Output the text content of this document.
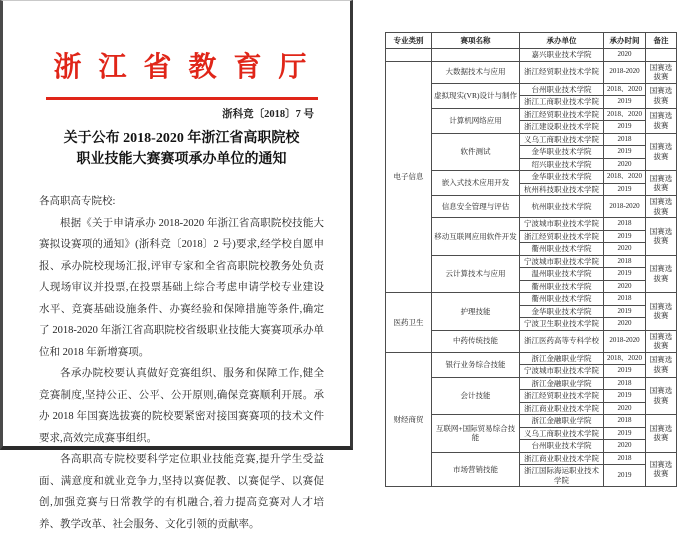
浙江省教育厅
浙科竞〔2018〕7 号
关于公布 2018-2020 年浙江省高职院校
职业技能大赛赛项承办单位的通知

各高职高专院校:

根据《关于申请承办 2018-2020 年浙江省高职院校技能大赛拟设赛项的通知》(浙科竞〔2018〕2 号)要求,经学校自愿申报、承办院校现场汇报,评审专家和全省高职院校教务处负责人现场审议并投票,在投票基础上综合考虑申请学校专业建设水平、竞赛基础设施条件、办赛经验和保障措施等条件,确定了 2018-2020 年浙江省高职院校省级职业技能大赛赛项承办单位和 2018 年新增赛项。

各承办院校要认真做好竞赛组织、服务和保障工作,健全竞赛制度,坚持公正、公平、公开原则,确保竞赛顺利开展。承办 2018 年国赛选拔赛的院校要紧密对接国赛赛项的技术文件要求,高效完成赛事组织。

各高职高专院校要科学定位职业技能竞赛,提升学生受益面、满意度和就业竞争力,坚持以赛促教、以赛促学、以赛促创,加强竞赛与日常教学的有机融合,着力提高竞赛对人才培养、教学改革、社会服务、文化引领的贡献率。

专业类别	赛项名称	承办单位	承办时间	备注
		嘉兴职业技术学院	2020	
电子信息	大数据技术与应用	浙江经贸职业技术学院	2018-2020	国赛选拔赛
	虚拟现实(VR)设计与制作	台州职业技术学院	2018、2020	国赛选拔赛
		浙江工商职业技术学院	2019	
	计算机网络应用	浙江经贸职业技术学院	2018、2020	国赛选拔赛
		浙江建设职业技术学院	2019	
	软件测试	义乌工商职业技术学院	2018	国赛选拔赛
		金华职业技术学院	2019	
		绍兴职业技术学院	2020	
	嵌入式技术应用开发	金华职业技术学院	2018、2020	国赛选拔赛
		杭州科技职业技术学院	2019	
	信息安全管理与评估	杭州职业技术学院	2018-2020	国赛选拔赛
	移动互联网应用软件开发	宁波城市职业技术学院	2018	国赛选拔赛
		浙江经贸职业技术学院	2019	
		衢州职业技术学院	2020	
	云计算技术与应用	宁波城市职业技术学院	2018	国赛选拔赛
		温州职业技术学院	2019	
		衢州职业技术学院	2020	
医药卫生	护理技能	衢州职业技术学院	2018	国赛选拔赛
		金华职业技术学院	2019	
		宁波卫生职业技术学院	2020	
	中药传统技能	浙江医药高等专科学校	2018-2020	国赛选拔赛
财经商贸	银行业务综合技能	浙江金融职业学院	2018、2020	国赛选拔赛
		宁波城市职业技术学院	2019	
	会计技能	浙江金融职业学院	2018	国赛选拔赛
		浙江经贸职业技术学院	2019	
		浙江商业职业技术学院	2020	
	互联网+国际贸易综合技能	浙江金融职业学院	2018	国赛选拔赛
		义乌工商职业技术学院	2019	
		台州职业技术学院	2020	
	市场营销技能	浙江商业职业技术学院	2018	国赛选拔赛
		浙江国际海运职业技术学院	2019	
